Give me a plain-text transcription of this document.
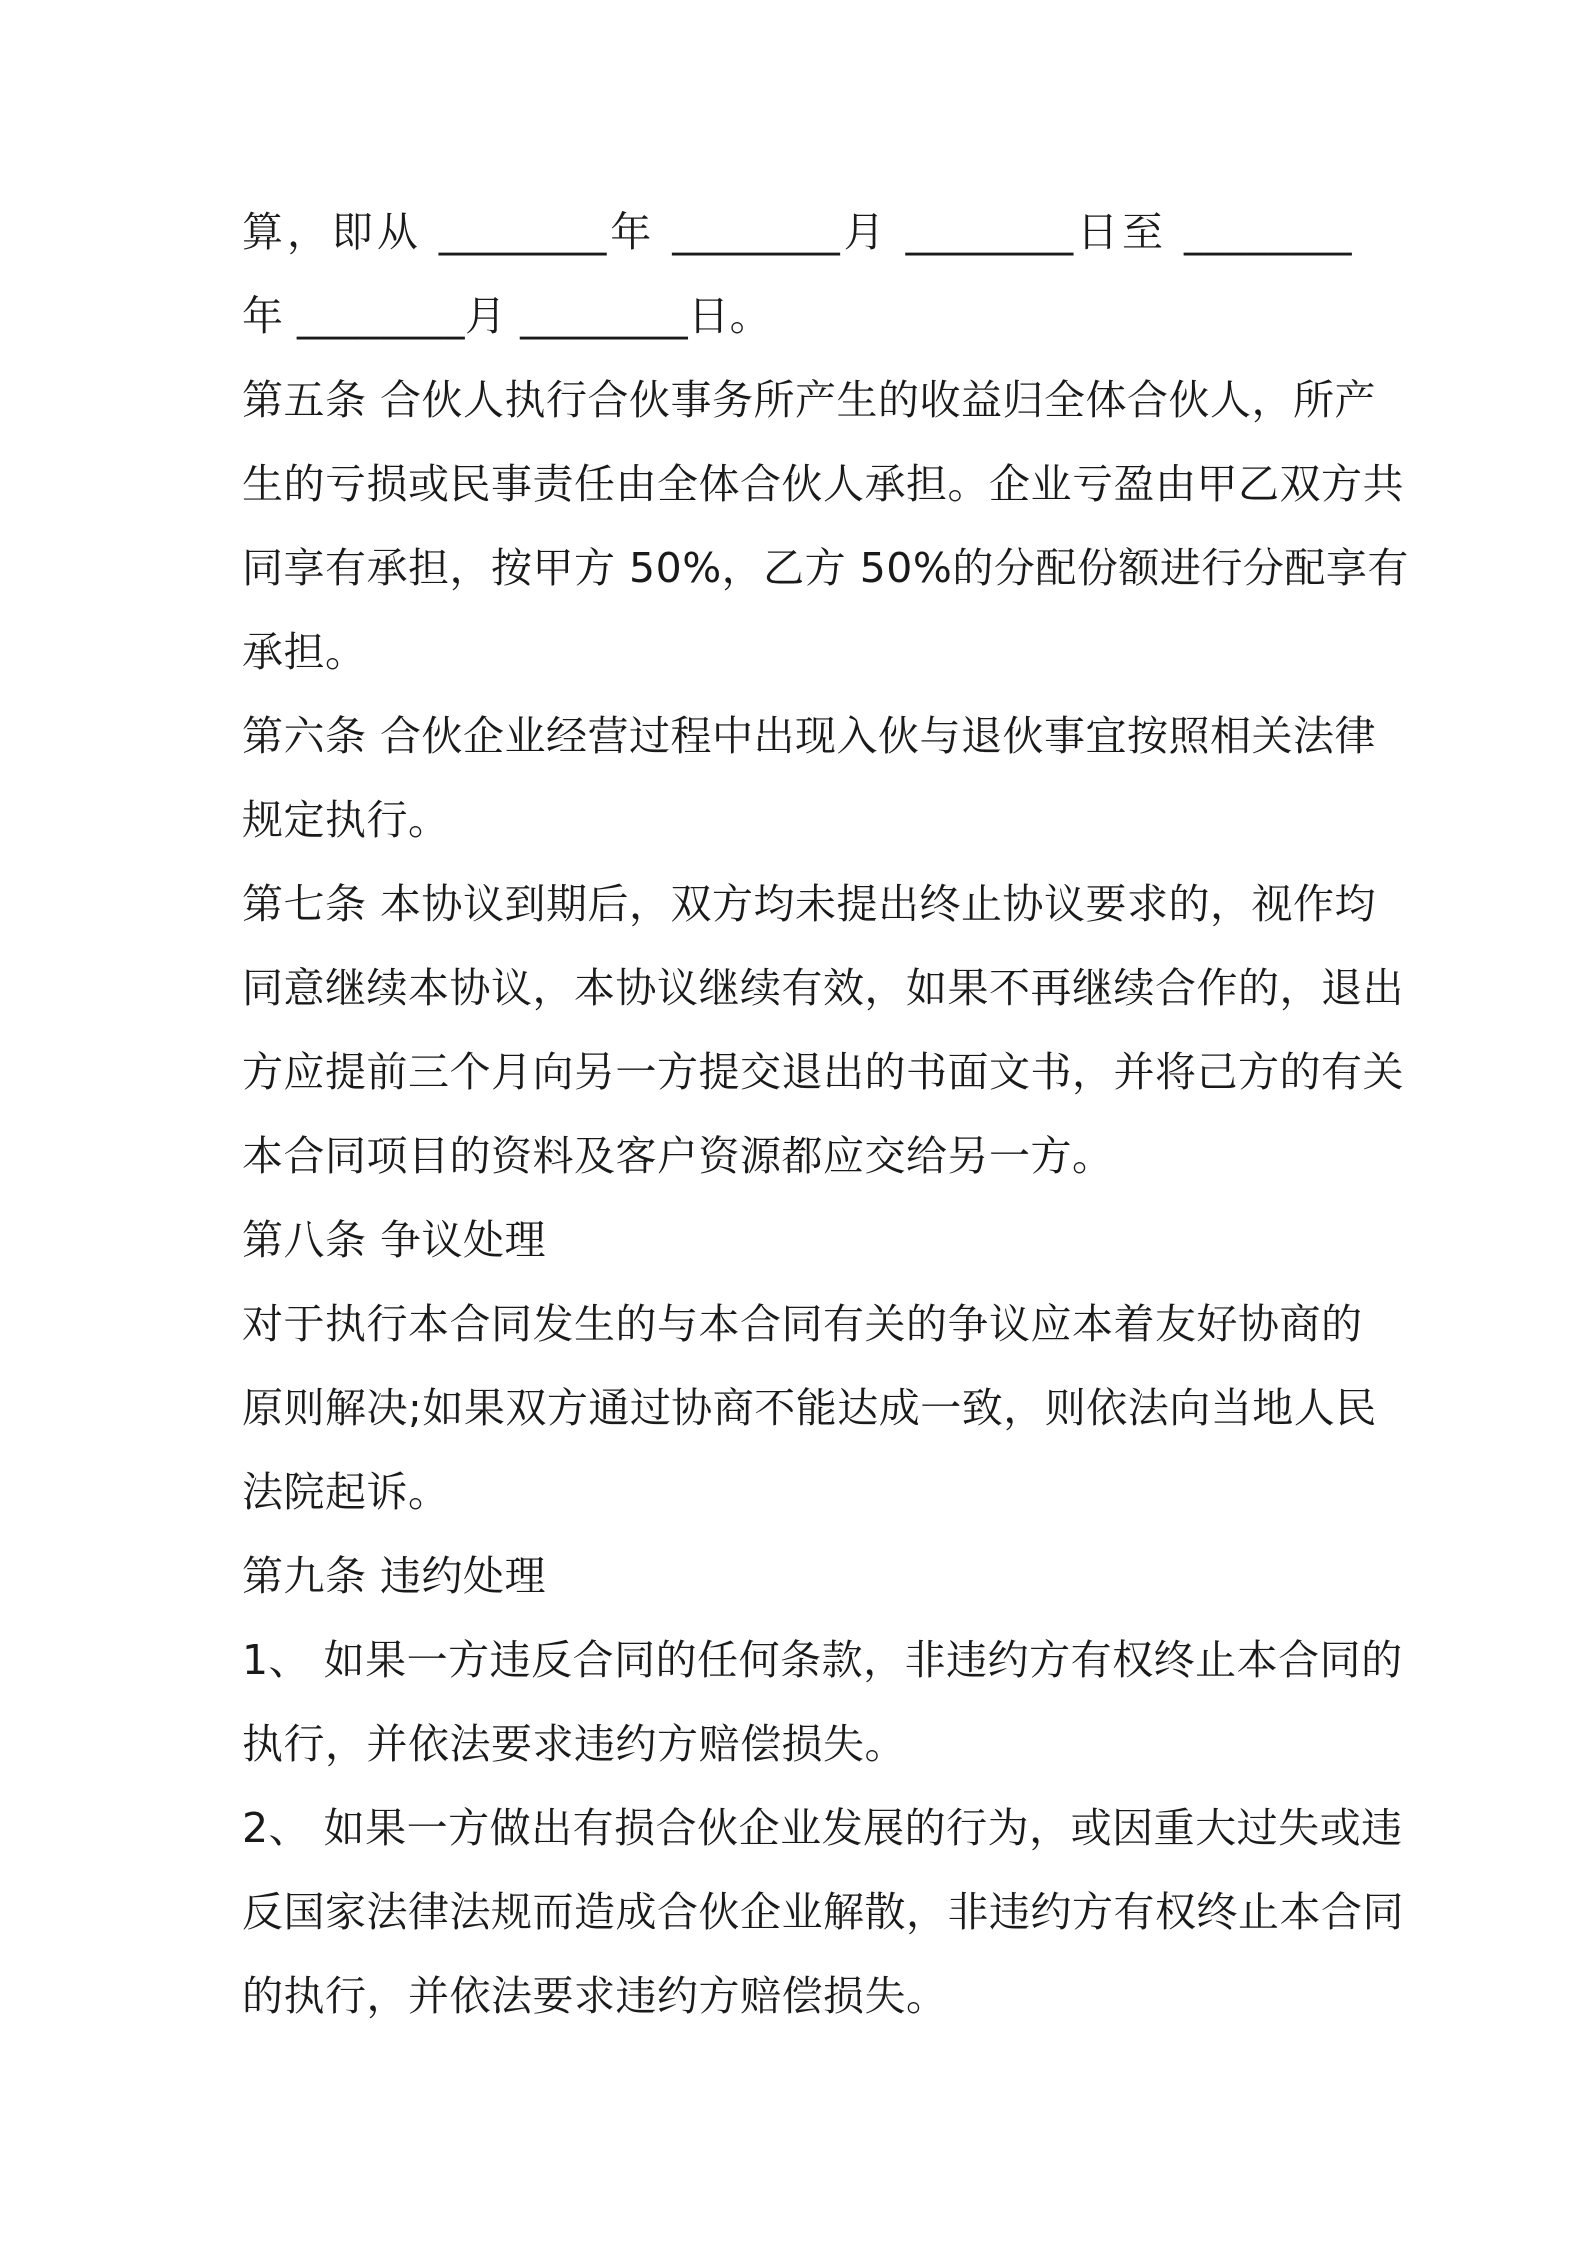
算，即从 ________年 ________月 ________日至 ________
年 ________月 ________日。
第五条 合伙人执行合伙事务所产生的收益归全体合伙人，所产
生的亏损或民事责任由全体合伙人承担。企业亏盈由甲乙双方共
同享有承担，按甲方 50%，乙方 50%的分配份额进行分配享有
承担。
第六条 合伙企业经营过程中出现入伙与退伙事宜按照相关法律
规定执行。
第七条 本协议到期后，双方均未提出终止协议要求的，视作均
同意继续本协议，本协议继续有效，如果不再继续合作的，退出
方应提前三个月向另一方提交退出的书面文书，并将己方的有关
本合同项目的资料及客户资源都应交给另一方。
第八条 争议处理
对于执行本合同发生的与本合同有关的争议应本着友好协商的
原则解决;如果双方通过协商不能达成一致，则依法向当地人民
法院起诉。
第九条 违约处理
1、 如果一方违反合同的任何条款，非违约方有权终止本合同的
执行，并依法要求违约方赔偿损失。
2、 如果一方做出有损合伙企业发展的行为，或因重大过失或违
反国家法律法规而造成合伙企业解散，非违约方有权终止本合同
的执行，并依法要求违约方赔偿损失。
